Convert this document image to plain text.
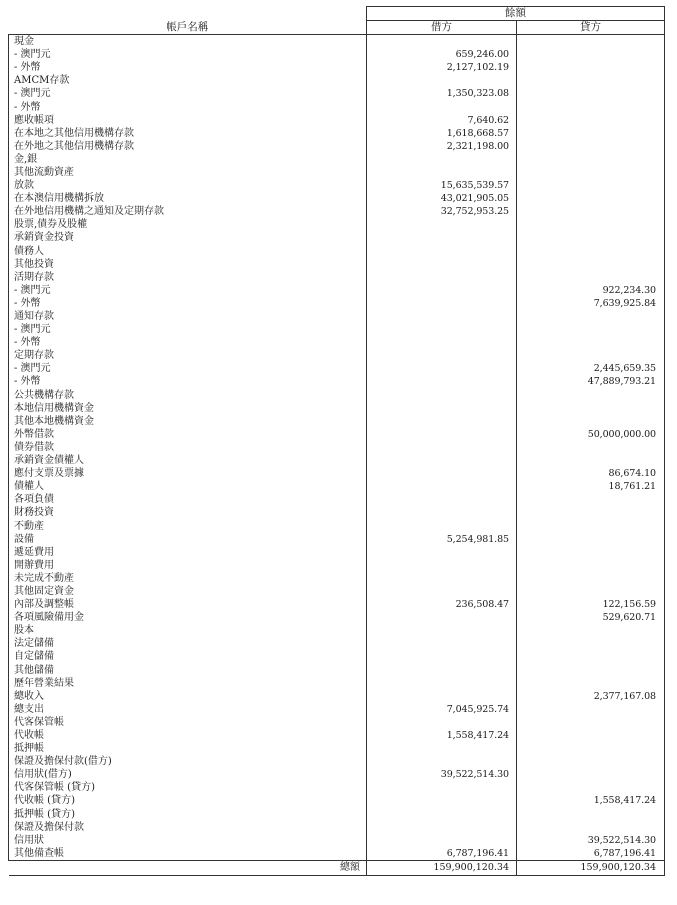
	餘額	
帳戶名稱	借方	貸方
現金		
- 澳門元	659,246.00	
- 外幣	2,127,102.19	
AMCM存款		
- 澳門元	1,350,323.08	
- 外幣		
應收帳項	7,640.62	
在本地之其他信用機構存款	1,618,668.57	
在外地之其他信用機構存款	2,321,198.00	
金,銀		
其他流動資產		
放款	15,635,539.57	
在本澳信用機構拆放	43,021,905.05	
在外地信用機構之通知及定期存款	32,752,953.25	
股票,債券及股權		
承銷資金投資		
債務人		
其他投資		
活期存款		
- 澳門元		922,234.30
- 外幣		7,639,925.84
通知存款		
- 澳門元		
- 外幣		
定期存款		
- 澳門元		2,445,659.35
- 外幣		47,889,793.21
公共機構存款		
本地信用機構資金		
其他本地機構資金		
外幣借款		50,000,000.00
債券借款		
承銷資金債權人		
應付支票及票據		86,674.10
債權人		18,761.21
各項負債		
財務投資		
不動產		
設備	5,254,981.85	
遞延費用		
開辦費用		
未完成不動產		
其他固定資金		
內部及調整帳	236,508.47	122,156.59
各項風險備用金		529,620.71
股本		
法定儲備		
自定儲備		
其他儲備		
歷年營業結果		
總收入		2,377,167.08
總支出	7,045,925.74	
代客保管帳		
代收帳	1,558,417.24	
抵押帳		
保證及擔保付款(借方)		
信用狀(借方)	39,522,514.30	
代客保管帳 (貸方)		
代收帳 (貸方)		1,558,417.24
抵押帳 (貸方)		
保證及擔保付款		
信用狀		39,522,514.30
其他備查帳	6,787,196.41	6,787,196.41
總額	159,900,120.34	159,900,120.34
